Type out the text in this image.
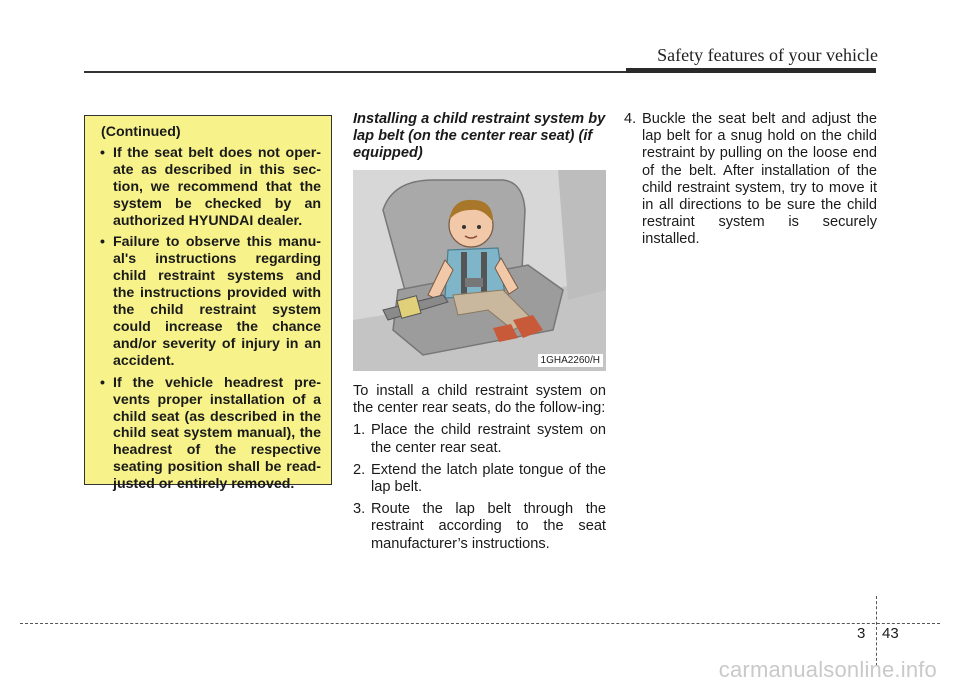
Safety features of your vehicle

(Continued)

• If the seat belt does not oper-ate as described in this sec-tion, we recommend that the system be checked by an authorized HYUNDAI dealer.
• Failure to observe this manu-al's instructions regarding child restraint systems and the instructions provided with the child restraint system could increase the chance and/or severity of injury in an accident.
• If the vehicle headrest pre-vents proper installation of a child seat (as described in the child seat system manual), the headrest of the respective seating position shall be read-justed or entirely removed.

Installing a child restraint system by lap belt (on the center rear seat) (if equipped)

1GHA2260/H

To install a child restraint system on the center rear seats, do the follow-ing:

1. Place the child restraint system on the center rear seat.
2. Extend the latch plate tongue of the lap belt.
3. Route the lap belt through the restraint according to the seat manufacturer’s instructions.
4. Buckle the seat belt and adjust the lap belt for a snug hold on the child restraint by pulling on the loose end of the belt. After installation of the child restraint system, try to move it in all directions to be sure the child restraint system is securely installed.
3 43
carmanualsonline.info
